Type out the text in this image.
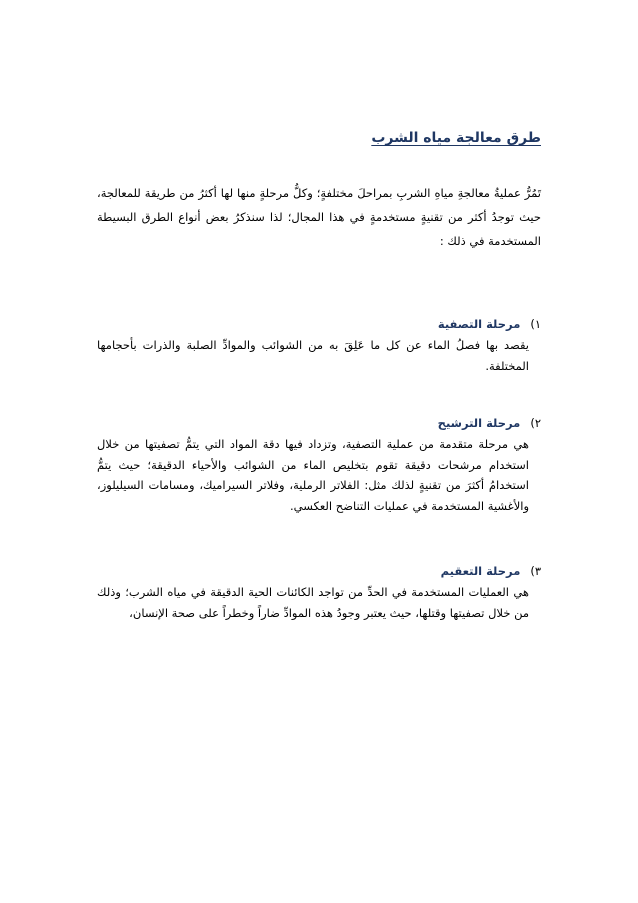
طرق معالجة مياه الشرب

تَمُرُّ عمليةُ معالجةِ مياهِ الشربِ بمراحلَ مختلفةٍ؛ وكلُّ مرحلةٍ منها لها أكثرُ من طريقة للمعالجة، حيث توجدُ أكثر من تقنيةٍ مستخدمةٍ في هذا المجال؛ لذا سنذكرُ بعض أنواع الطرق البسيطة المستخدمة في ذلك :

١)مرحلة التصفية

يقصد بها فصلُ الماء عن كل ما عَلِقَ به من الشوائب والموادِّ الصلبة والذرات بأحجامها المختلفة.

٢)مرحلة الترشيح

هي مرحلة متقدمة من عملية التصفية، وتزداد فيها دقة المواد التي يتمُّ تصفيتها من خلال استخدام مرشحات دقيقة تقوم بتخليص الماء من الشوائب والأحياء الدقيقة؛ حيث يتمُّ استخدامُ أكثرَ من تقنيةٍ لذلك مثل: الفلاتر الرملية، وفلاتر السيراميك، ومسامات السيليلوز، والأغشية المستخدمة في عمليات التناضح العكسي.

٣)مرحلة التعقيم

هي العمليات المستخدمة في الحدِّ من تواجد الكائنات الحية الدقيقة في مياه الشرب؛ وذلك من خلال تصفيتها وقتلها، حيث يعتبر وجودُ هذه الموادِّ ضاراً وخطراً على صحة الإنسان،
